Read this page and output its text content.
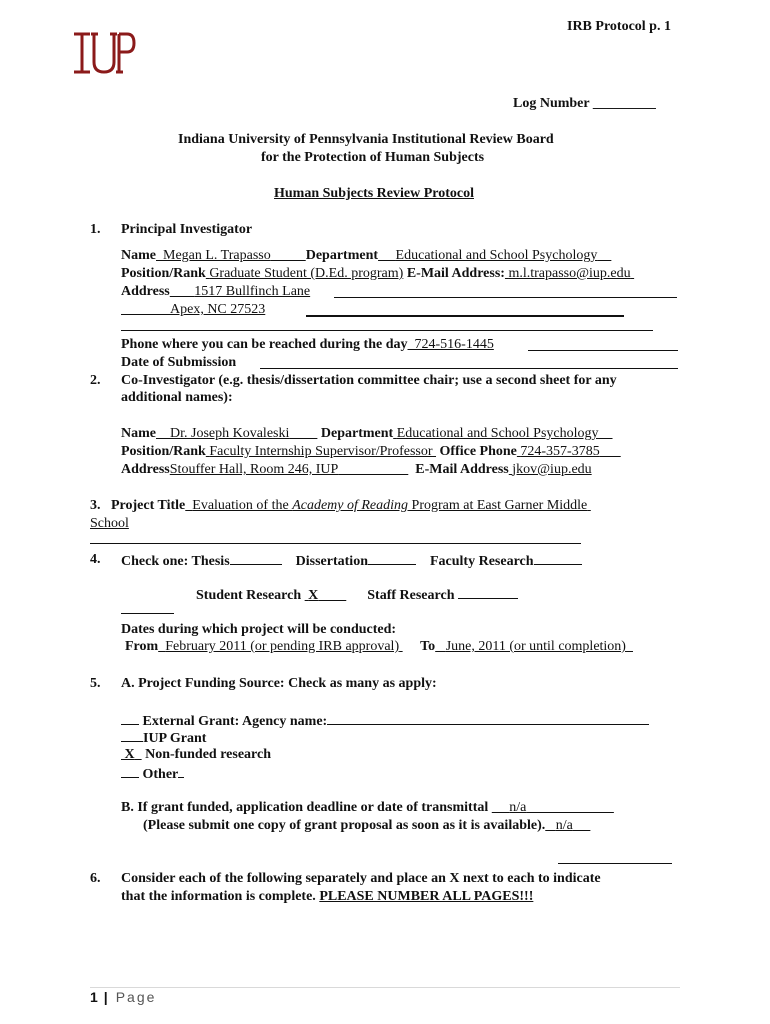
IRB Protocol p. 1
Log Number _________
Indiana University of Pennsylvania Institutional Review Board
for the Protection of Human Subjects
Human Subjects Review Protocol
1. Principal Investigator
Name Megan L. Trapasso	Department Educational and School Psychology
Position/Rank Graduate Student (D.Ed. program) E-Mail Address: m.l.trapasso@iup.edu
Address 1517 Bullfinch Lane
Apex, NC 27523
Phone where you can be reached during the day 724-516-1445
Date of Submission
2. Co-Investigator (e.g. thesis/dissertation committee chair; use a second sheet for any
additional names):
Name Dr. Joseph Kovaleski Department Educational and School Psychology
Position/Rank Faculty Internship Supervisor/Professor Office Phone 724-357-3785
AddressStouffer Hall, Room 246, IUP	E-Mail Address jkov@iup.edu
3. Project Title Evaluation of the Academy of Reading Program at East Garner Middle
School
4. Check one: Thesis	Dissertation	Faculty Research
Student Research X	Staff Research
Dates during which project will be conducted:
From February 2011 (or pending IRB approval) To June, 2011 (or until completion)
5. A. Project Funding Source: Check as many as apply:
External Grant: Agency name:
IUP Grant
X Non-funded research
Other
B. If grant funded, application deadline or date of transmittal n/a
(Please submit one copy of grant proposal as soon as it is available). n/a
6. Consider each of the following separately and place an X next to each to indicate
that the information is complete. PLEASE NUMBER ALL PAGES!!!
1 | Page
